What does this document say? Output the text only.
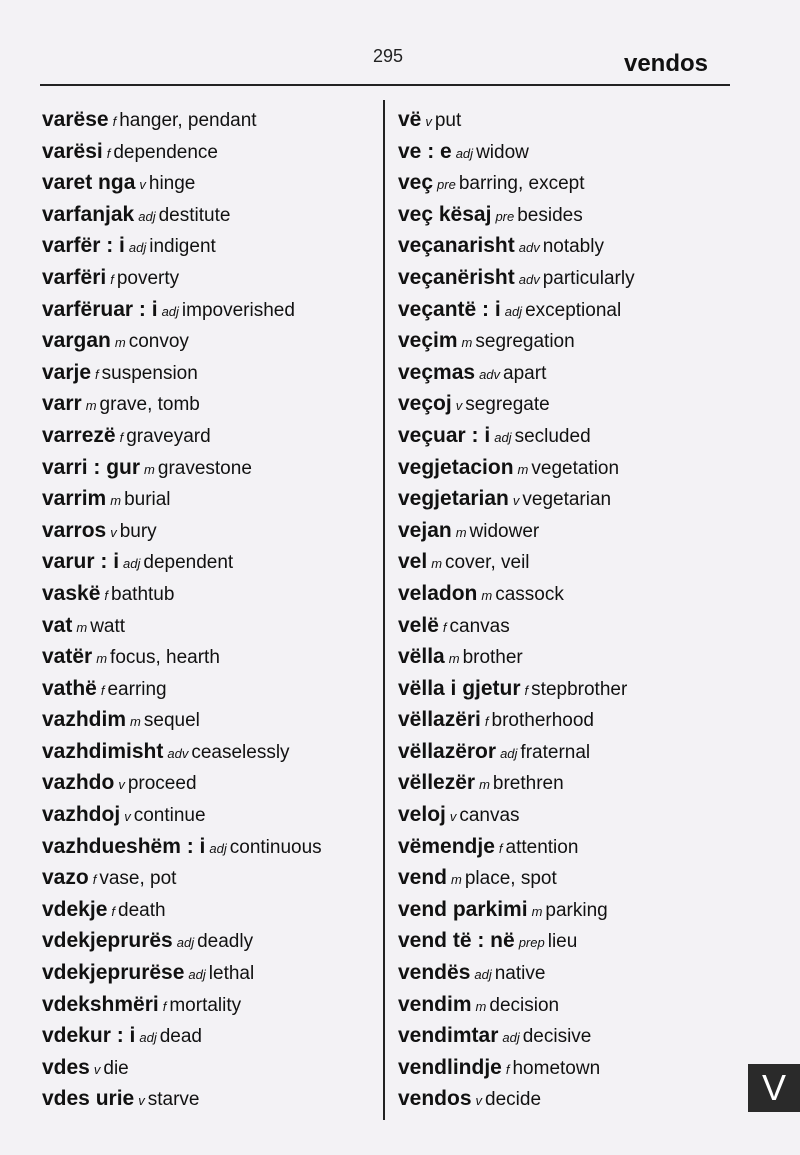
295	vendos
varëse f hanger, pendant
varësi f dependence
varet nga v hinge
varfanjak adj destitute
varfër : i adj indigent
varfëri f poverty
varfëruar : i adj impoverished
vargan m convoy
varje f suspension
varr m grave, tomb
varrezë f graveyard
varri : gur m gravestone
varrim m burial
varros v bury
varur : i adj dependent
vaskë f bathtub
vat m watt
vatër m focus, hearth
vathë f earring
vazhdim m sequel
vazhdimisht adv ceaselessly
vazhdo v proceed
vazhdoj v continue
vazhdueshëm : i adj continuous
vazo f vase, pot
vdekje f death
vdekjeprurës adj deadly
vdekjeprurëse adj lethal
vdekshmëri f mortality
vdekur : i adj dead
vdes v die
vdes urie v starve
vë v put
ve : e adj widow
veç pre barring, except
veç kësaj pre besides
veçanarisht adv notably
veçanërisht adv particularly
veçantë : i adj exceptional
veçim m segregation
veçmas adv apart
veçoj v segregate
veçuar : i adj secluded
vegjetacion m vegetation
vegjetarian v vegetarian
vejan m widower
vel m cover, veil
veladon m cassock
velë f canvas
vëlla m brother
vëlla i gjetur f stepbrother
vëllazëri f brotherhood
vëllazëror adj fraternal
vëllezër m brethren
veloj v canvas
vëmendje f attention
vend m place, spot
vend parkimi m parking
vend të : në prep lieu
vendës adj native
vendim m decision
vendimtar adj decisive
vendlindje f hometown
vendos v decide	V
